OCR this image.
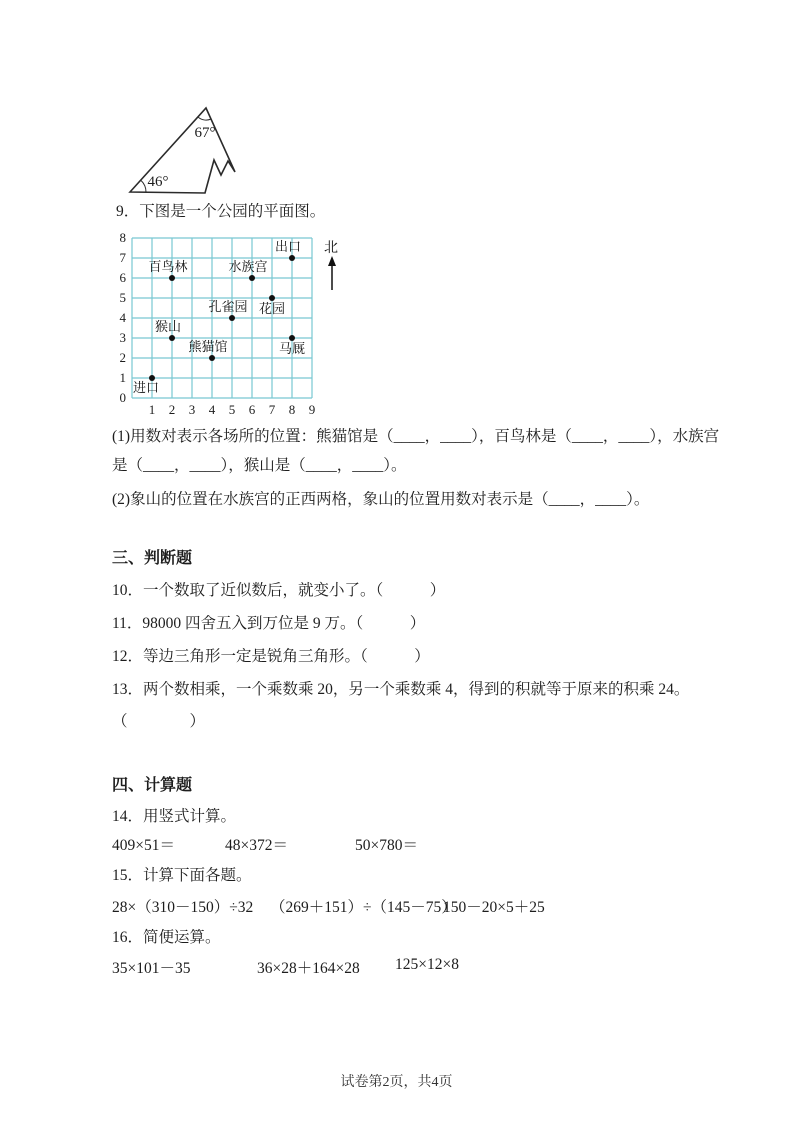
67°
46°
9．下图是一个公园的平面图。
0
1
2
3
4
5
6
7
8
1 2 3 4 5 6 7 8 9
进口
百鸟林
猴山
熊猫馆
孔雀园
水族宫
花园
出口
马厩
北
(1)用数对表示各场所的位置：熊猫馆是（____，____），百鸟林是（____，____），水族宫
是（____，____），猴山是（____，____）。
(2)象山的位置在水族宫的正西两格，象山的位置用数对表示是（____，____）。
三、判断题
10．一个数取了近似数后，就变小了。（　　　）
11．98000 四舍五入到万位是 9 万。（　　　）
12．等边三角形一定是锐角三角形。（　　　）
13．两个数相乘，一个乘数乘 20，另一个乘数乘 4，得到的积就等于原来的积乘 24。
（　　　　）
四、计算题
14．用竖式计算。
409×51＝	48×372＝	50×780＝
15．计算下面各题。
28×（310－150）÷32 （269＋151）÷（145－75）
150－20×5＋25
16．简便运算。
35×101－35	36×28＋164×28 125×12×8
试卷第2页，共4页
